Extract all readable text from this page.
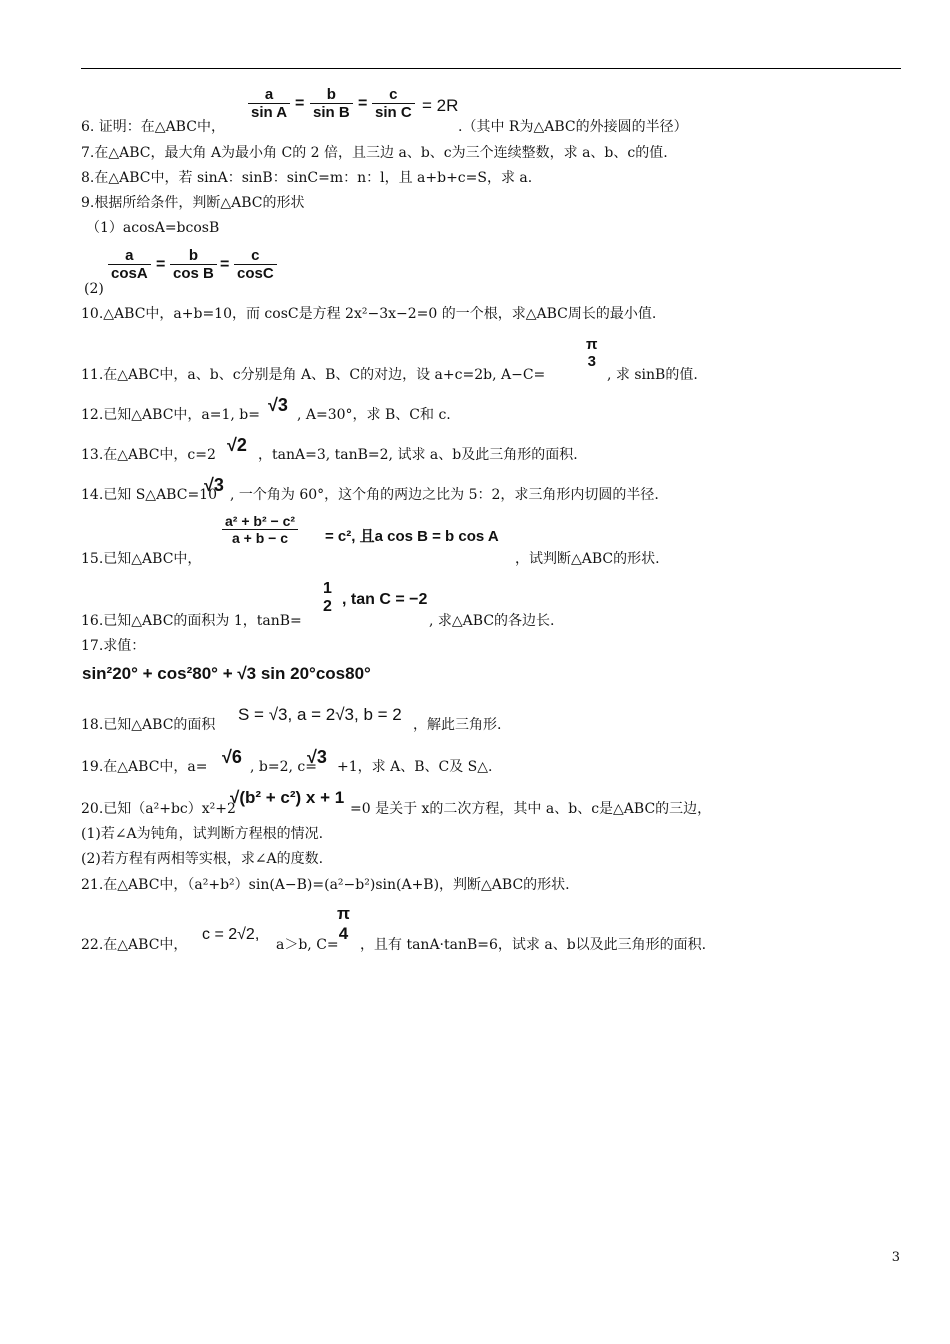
$\frac{a}{\text{sin A}} = \frac{b}{\text{sin B}} = \frac{c}{\text{sin C}} = 2R$
6. 证明：在△ABC中，	.（其中 R为△ABC的外接圆的半径）
7.在△ABC，最大角 A为最小角 C的 2 倍，且三边 a、b、c为三个连续整数，求 a、b、c的值.
8.在△ABC中，若 sinA：sinB：sinC=m：n：l，且 a+b+c=S，求 a.
9.根据所给条件，判断△ABC的形状
（1）acosA=bcosB
$\frac{a}{\cos A} = \frac{b}{\text{cos B}} = \frac{c}{\cos C}$
(2)
10.△ABC中，a+b=10，而 cosC是方程 2x²−3x−2=0 的一个根，求△ABC周长的最小值.
π
3
11.在△ABC中，a、b、c分别是角 A、B、C的对边，设 a+c=2b, A−C=	, 求 sinB的值.
12.已知△ABC中，a=1, b= √3 , A=30°，求 B、C和 c.
13.在△ABC中，c=2 √2 ，tanA=3, tanB=2, 试求 a、b及此三角形的面积.
14.已知 S△ABC=10
√3 , 一个角为 60°，这个角的两边之比为 5：2，求三角形内切圆的半径.
$\frac{\text{a² + b² − c²}}{a + b - c} = c^2$, 且a cos B = b cos A
15.已知△ABC中，	，试判断△ABC的形状.
1
2 , tan C = −2
16.已知△ABC的面积为 1，tanB=	, 求△ABC的各边长.
17.求值：
sin²20° + cos²80° + √3 sin 20°cos80°
18.已知△ABC的面积
S = √3, a = 2√3, b = 2
，解此三角形.
19.在△ABC中，a= √6 , b=2, c=
√3 +1，求 A、B、C及 S△.
20.已知（a²+bc）x²+2
√(b² + c²) x + 1
=0 是关于 x的二次方程，其中 a、b、c是△ABC的三边，
(1)若∠A为钝角，试判断方程根的情况.
(2)若方程有两相等实根，求∠A的度数.
21.在△ABC中，（a²+b²）sin(A−B)=(a²−b²)sin(A+B)，判断△ABC的形状.
22.在△ABC中，
c = 2√2,
a＞b, C=
π
4
，且有 tanA·tanB=6，试求 a、b以及此三角形的面积.
3
